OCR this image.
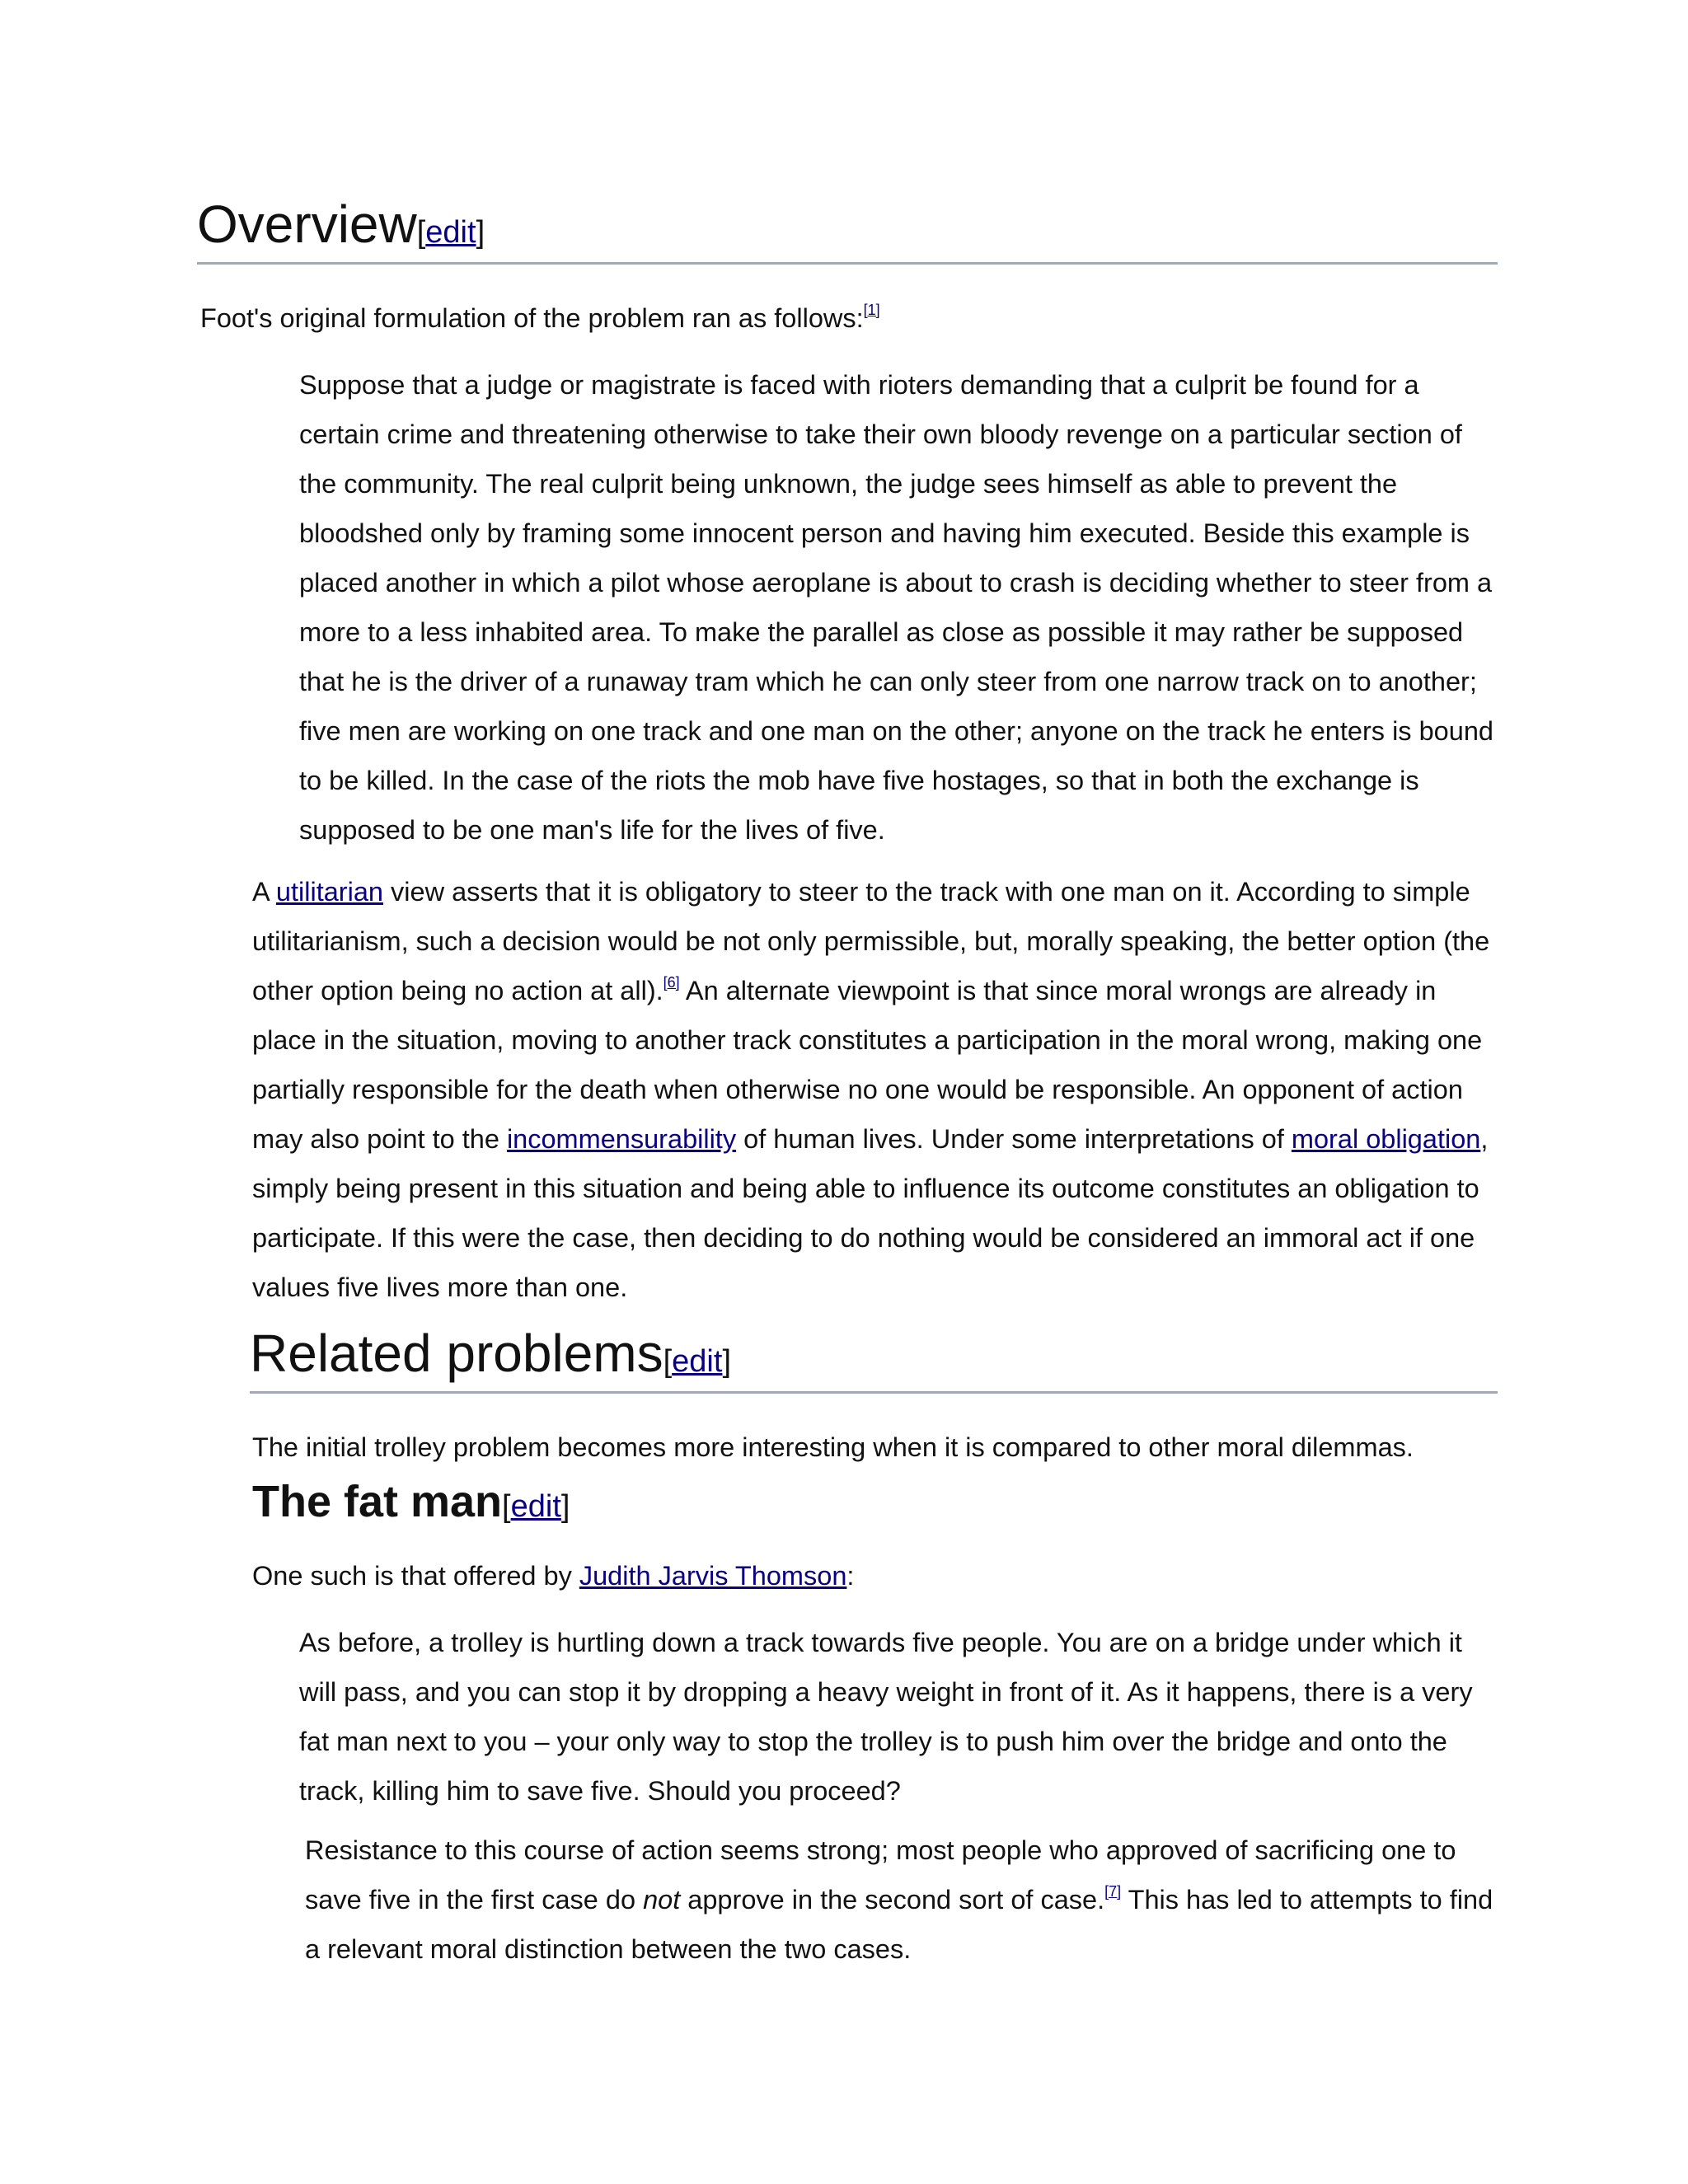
Overview[edit]

Foot's original formulation of the problem ran as follows:[1]

Suppose that a judge or magistrate is faced with rioters demanding that a culprit be found for a certain crime and threatening otherwise to take their own bloody revenge on a particular section of the community. The real culprit being unknown, the judge sees himself as able to prevent the bloodshed only by framing some innocent person and having him executed. Beside this example is placed another in which a pilot whose aeroplane is about to crash is deciding whether to steer from a more to a less inhabited area. To make the parallel as close as possible it may rather be supposed that he is the driver of a runaway tram which he can only steer from one narrow track on to another; five men are working on one track and one man on the other; anyone on the track he enters is bound to be killed. In the case of the riots the mob have five hostages, so that in both the exchange is supposed to be one man's life for the lives of five.

A utilitarian view asserts that it is obligatory to steer to the track with one man on it. According to simple utilitarianism, such a decision would be not only permissible, but, morally speaking, the better option (the other option being no action at all).[6] An alternate viewpoint is that since moral wrongs are already in place in the situation, moving to another track constitutes a participation in the moral wrong, making one partially responsible for the death when otherwise no one would be responsible. An opponent of action may also point to the incommensurability of human lives. Under some interpretations of moral obligation, simply being present in this situation and being able to influence its outcome constitutes an obligation to participate. If this were the case, then deciding to do nothing would be considered an immoral act if one values five lives more than one.

Related problems[edit]

The initial trolley problem becomes more interesting when it is compared to other moral dilemmas.

The fat man[edit]

One such is that offered by Judith Jarvis Thomson:

As before, a trolley is hurtling down a track towards five people. You are on a bridge under which it will pass, and you can stop it by dropping a heavy weight in front of it. As it happens, there is a very fat man next to you – your only way to stop the trolley is to push him over the bridge and onto the track, killing him to save five. Should you proceed?

Resistance to this course of action seems strong; most people who approved of sacrificing one to save five in the first case do not approve in the second sort of case.[7] This has led to attempts to find a relevant moral distinction between the two cases.
